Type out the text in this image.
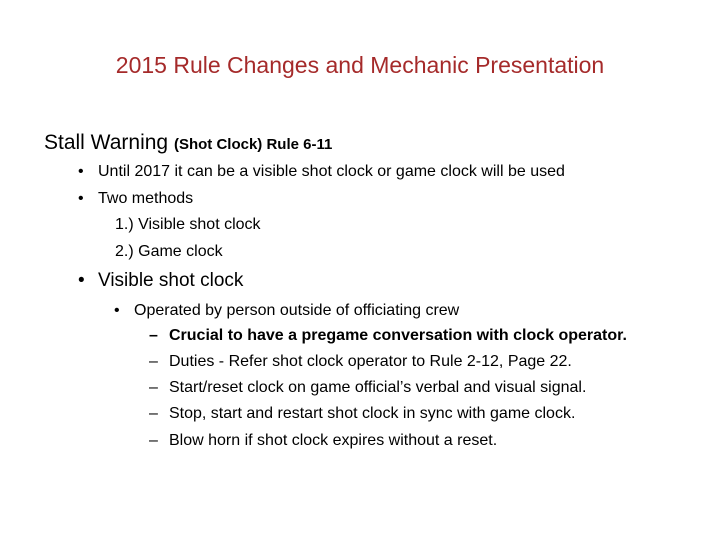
2015 Rule Changes and Mechanic Presentation
Stall Warning (Shot Clock) Rule 6-11
• Until 2017 it can be a visible shot clock or game clock will be used
• Two methods
1.) Visible shot clock
2.) Game clock
• Visible shot clock
• Operated by person outside of officiating crew
– Crucial to have a pregame conversation with clock operator.
– Duties - Refer shot clock operator to Rule 2-12, Page 22.
– Start/reset clock on game official’s verbal and visual signal.
– Stop, start and restart shot clock in sync with game clock.
– Blow horn if shot clock expires without a reset.
